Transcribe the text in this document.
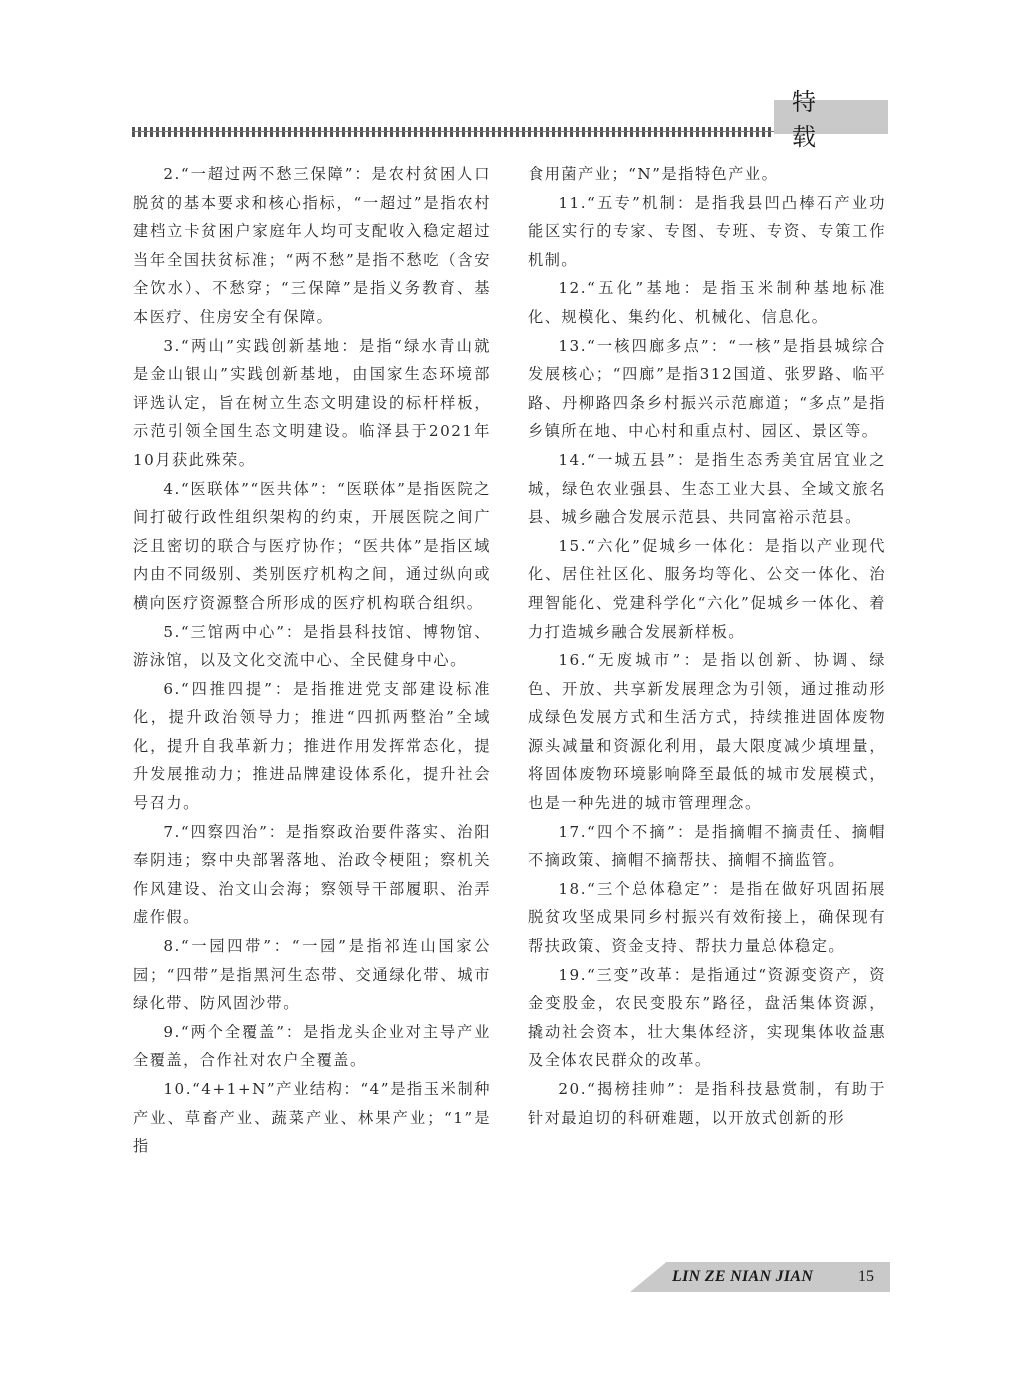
特 载

2.“一超过两不愁三保障”：是农村贫困人口脱贫的基本要求和核心指标，“一超过”是指农村建档立卡贫困户家庭年人均可支配收入稳定超过当年全国扶贫标准；“两不愁”是指不愁吃（含安全饮水）、不愁穿；“三保障”是指义务教育、基本医疗、住房安全有保障。

3.“两山”实践创新基地：是指“绿水青山就是金山银山”实践创新基地，由国家生态环境部评选认定，旨在树立生态文明建设的标杆样板，示范引领全国生态文明建设。临泽县于2021年10月获此殊荣。

4.“医联体”“医共体”：“医联体”是指医院之间打破行政性组织架构的约束，开展医院之间广泛且密切的联合与医疗协作；“医共体”是指区域内由不同级别、类别医疗机构之间，通过纵向或横向医疗资源整合所形成的医疗机构联合组织。

5.“三馆两中心”：是指县科技馆、博物馆、游泳馆，以及文化交流中心、全民健身中心。

6.“四推四提”：是指推进党支部建设标准化，提升政治领导力；推进“四抓两整治”全域化，提升自我革新力；推进作用发挥常态化，提升发展推动力；推进品牌建设体系化，提升社会号召力。

7.“四察四治”：是指察政治要件落实、治阳奉阴违；察中央部署落地、治政令梗阻；察机关作风建设、治文山会海；察领导干部履职、治弄虚作假。

8.“一园四带”：“一园”是指祁连山国家公园；“四带”是指黑河生态带、交通绿化带、城市绿化带、防风固沙带。

9.“两个全覆盖”：是指龙头企业对主导产业全覆盖，合作社对农户全覆盖。

10.“4+1+N”产业结构：“4”是指玉米制种产业、草畜产业、蔬菜产业、林果产业；“1”是指

食用菌产业；“N”是指特色产业。

11.“五专”机制：是指我县凹凸棒石产业功能区实行的专家、专图、专班、专资、专策工作机制。

12.“五化”基地：是指玉米制种基地标准化、规模化、集约化、机械化、信息化。

13.“一核四廊多点”：“一核”是指县城综合发展核心；“四廊”是指312国道、张罗路、临平路、丹柳路四条乡村振兴示范廊道；“多点”是指乡镇所在地、中心村和重点村、园区、景区等。

14.“一城五县”：是指生态秀美宜居宜业之城，绿色农业强县、生态工业大县、全域文旅名县、城乡融合发展示范县、共同富裕示范县。

15.“六化”促城乡一体化：是指以产业现代化、居住社区化、服务均等化、公交一体化、治理智能化、党建科学化“六化”促城乡一体化、着力打造城乡融合发展新样板。

16.“无废城市”：是指以创新、协调、绿色、开放、共享新发展理念为引领，通过推动形成绿色发展方式和生活方式，持续推进固体废物源头减量和资源化利用，最大限度减少填埋量，将固体废物环境影响降至最低的城市发展模式，也是一种先进的城市管理理念。

17.“四个不摘”：是指摘帽不摘责任、摘帽不摘政策、摘帽不摘帮扶、摘帽不摘监管。

18.“三个总体稳定”：是指在做好巩固拓展脱贫攻坚成果同乡村振兴有效衔接上，确保现有帮扶政策、资金支持、帮扶力量总体稳定。

19.“三变”改革：是指通过“资源变资产，资金变股金，农民变股东”路径，盘活集体资源，撬动社会资本，壮大集体经济，实现集体收益惠及全体农民群众的改革。

20.“揭榜挂帅”：是指科技悬赏制，有助于针对最迫切的科研难题，以开放式创新的形

LIN ZE NIAN JIAN	15
